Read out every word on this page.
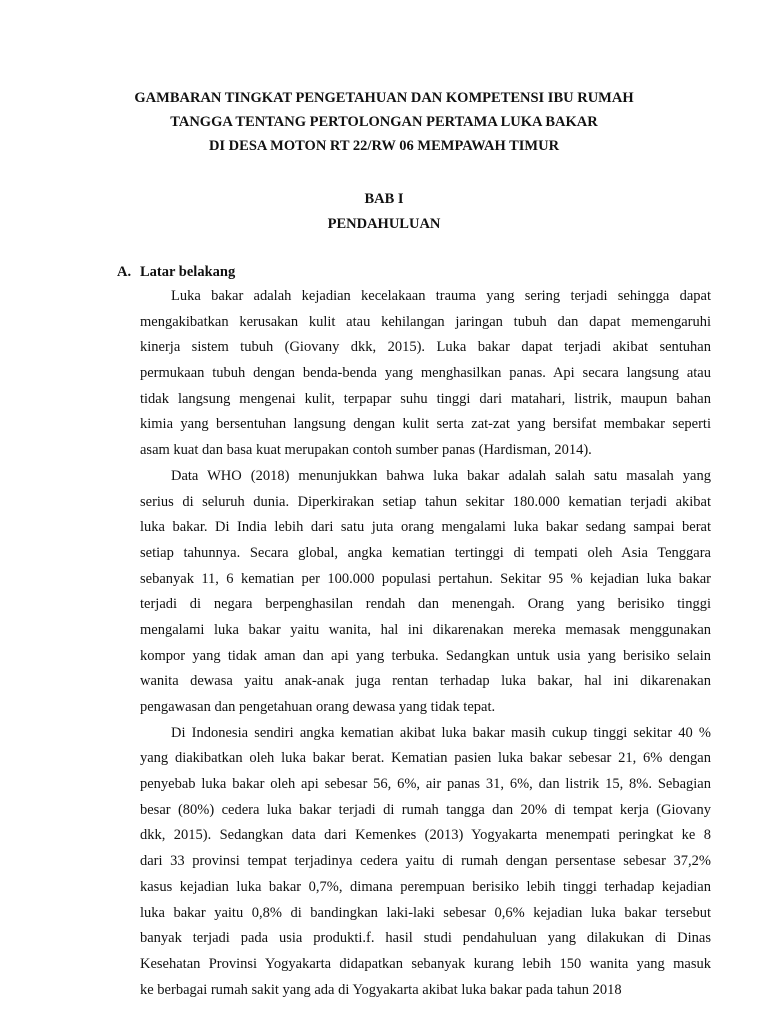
GAMBARAN TINGKAT PENGETAHUAN DAN KOMPETENSI IBU RUMAH
TANGGA TENTANG PERTOLONGAN PERTAMA LUKA BAKAR
DI DESA MOTON RT 22/RW 06 MEMPAWAH TIMUR
BAB I
PENDAHULUAN
A. Latar belakang
Luka bakar adalah kejadian kecelakaan trauma yang sering terjadi sehingga dapat
mengakibatkan kerusakan kulit atau kehilangan jaringan tubuh dan dapat memengaruhi
kinerja sistem tubuh (Giovany dkk, 2015). Luka bakar dapat terjadi akibat sentuhan
permukaan tubuh dengan benda-benda yang menghasilkan panas. Api secara langsung atau
tidak langsung mengenai kulit, terpapar suhu tinggi dari matahari, listrik, maupun bahan
kimia yang bersentuhan langsung dengan kulit serta zat-zat yang bersifat membakar seperti
asam kuat dan basa kuat merupakan contoh sumber panas (Hardisman, 2014).
Data WHO (2018) menunjukkan bahwa luka bakar adalah salah satu masalah yang
serius di seluruh dunia. Diperkirakan setiap tahun sekitar 180.000 kematian terjadi akibat
luka bakar. Di India lebih dari satu juta orang mengalami luka bakar sedang sampai berat
setiap tahunnya. Secara global, angka kematian tertinggi di tempati oleh Asia Tenggara
sebanyak 11, 6 kematian per 100.000 populasi pertahun. Sekitar 95 % kejadian luka bakar
terjadi di negara berpenghasilan rendah dan menengah. Orang yang berisiko tinggi
mengalami luka bakar yaitu wanita, hal ini dikarenakan mereka memasak menggunakan
kompor yang tidak aman dan api yang terbuka. Sedangkan untuk usia yang berisiko selain
wanita dewasa yaitu anak-anak juga rentan terhadap luka bakar, hal ini dikarenakan
pengawasan dan pengetahuan orang dewasa yang tidak tepat.
Di Indonesia sendiri angka kematian akibat luka bakar masih cukup tinggi sekitar 40 %
yang diakibatkan oleh luka bakar berat. Kematian pasien luka bakar sebesar 21, 6% dengan
penyebab luka bakar oleh api sebesar 56, 6%, air panas 31, 6%, dan listrik 15, 8%. Sebagian
besar (80%) cedera luka bakar terjadi di rumah tangga dan 20% di tempat kerja (Giovany
dkk, 2015). Sedangkan data dari Kemenkes (2013) Yogyakarta menempati peringkat ke 8
dari 33 provinsi tempat terjadinya cedera yaitu di rumah dengan persentase sebesar 37,2%
kasus kejadian luka bakar 0,7%, dimana perempuan berisiko lebih tinggi terhadap kejadian
luka bakar yaitu 0,8% di bandingkan laki-laki sebesar 0,6% kejadian luka bakar tersebut
banyak terjadi pada usia produkti.f. hasil studi pendahuluan yang dilakukan di Dinas
Kesehatan Provinsi Yogyakarta didapatkan sebanyak kurang lebih 150 wanita yang masuk
ke berbagai rumah sakit yang ada di Yogyakarta akibat luka bakar pada tahun 2018
